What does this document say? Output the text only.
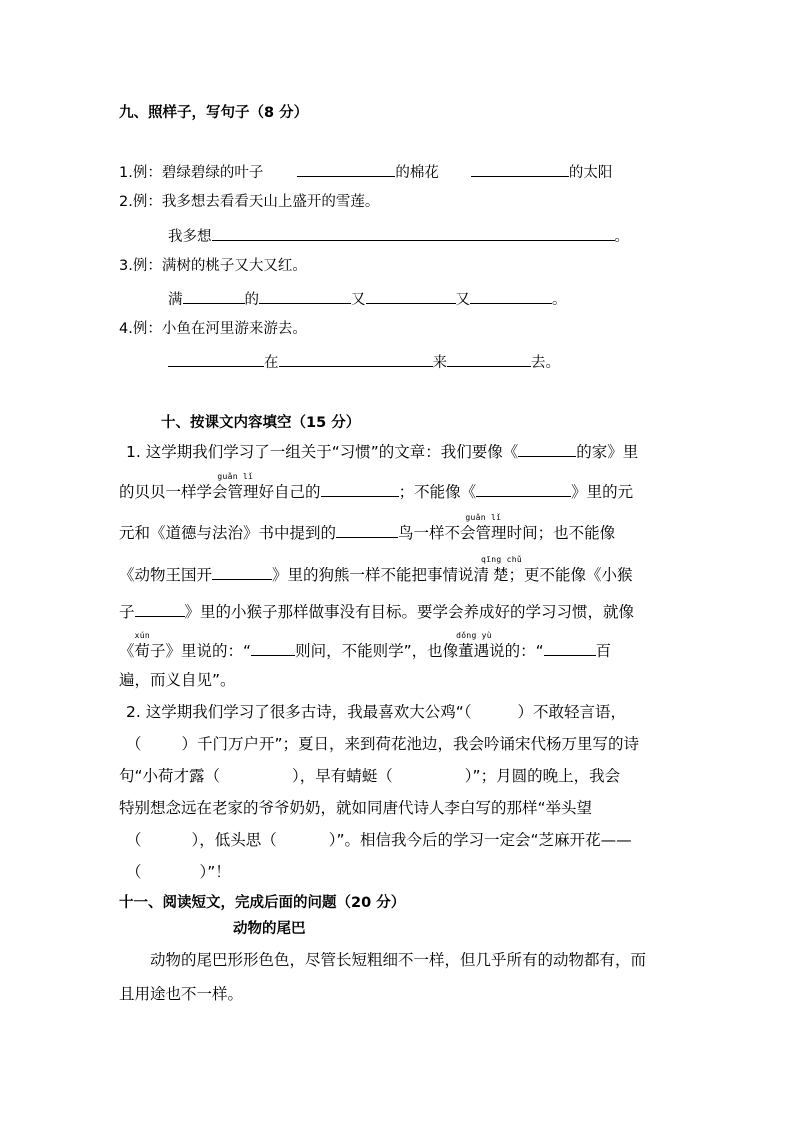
九、照样子，写句子（8 分）
1.例：碧绿碧绿的叶子	的棉花	的太阳
2.例：我多想去看看天山上盛开的雪莲。
我多想	。
3.例：满树的桃子又大又红。
满	的	又	又	。
4.例：小鱼在河里游来游去。
在	来	去。
十、按课文内容填空（15 分）
1. 这学期我们学习了一组关于“习惯”的文章：我们要像《	的家》里
的贝贝一样学会
guǎn lǐ
管理好自己的	；不能像《	》里的元
元和《道德与法治》书中提到的	鸟一样不会
guǎn lǐ
管理时间；也不能像
《动物王国开	》里的狗熊一样不能把事情说清
qīng chǔ
楚；更不能像《小猴
子	》里的小猴子那样做事没有目标。要学会养成好的学习习惯，就像
《
xún
荀子》里说的：“	则问，不能则学”，也像
dǒng yù
董遇说的：“	百
遍，而义自见”。
2. 这学期我们学习了很多古诗，我最喜欢大公鸡“（	）不敢轻言语，
（	）千门万户开”；夏日，来到荷花池边，我会吟诵宋代杨万里写的诗
句“小荷才露（	），早有蜻蜓（	）”；月圆的晚上，我会
特别想念远在老家的爷爷奶奶，就如同唐代诗人李白写的那样“举头望
（	），低头思（	）”。相信我今后的学习一定会“芝麻开花——
（	）”！
十一、阅读短文，完成后面的问题（20 分）
动物的尾巴
动物的尾巴形形色色，尽管长短粗细不一样，但几乎所有的动物都有，而
且用途也不一样。
